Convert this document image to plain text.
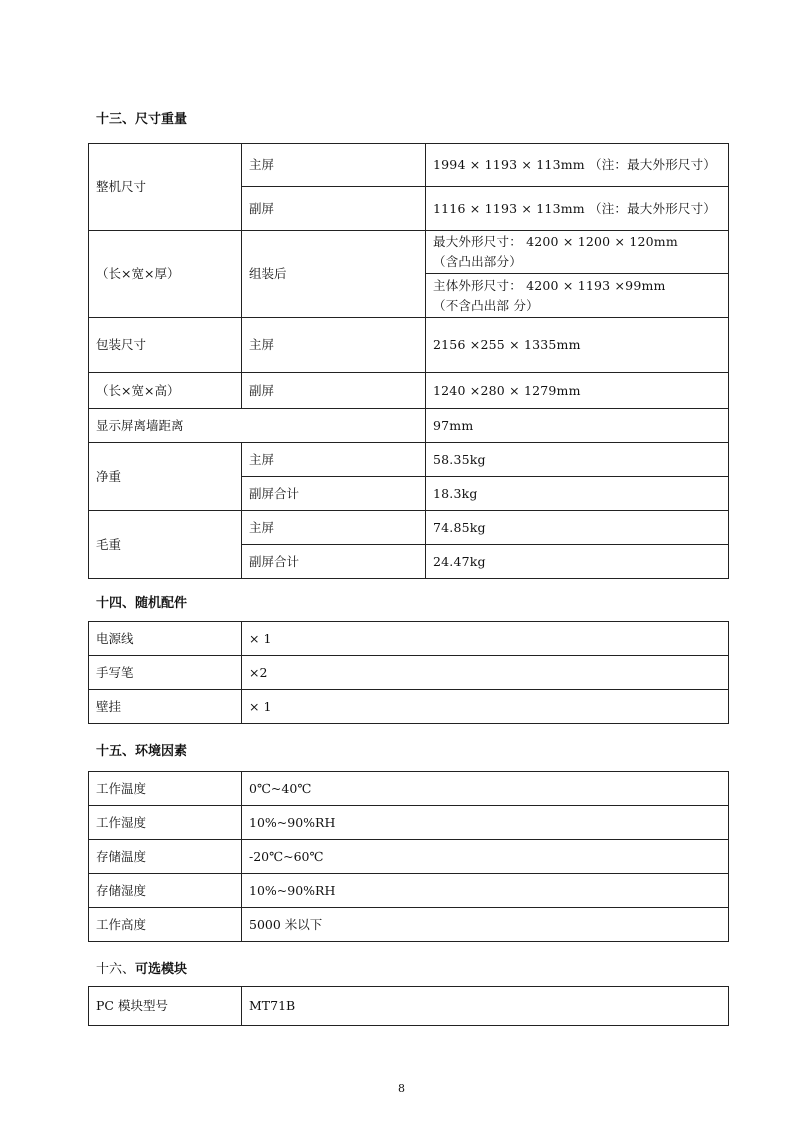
十三、尺寸重量
整机尺寸	主屏	1994 × 1193 × 113mm （注：最大外形尺寸）
	副屏	1116 × 1193 × 113mm （注：最大外形尺寸）
（长×宽×厚）	组装后	最大外形尺寸： 4200 × 1200 × 120mm
（含凸出部分）

		主体外形尺寸： 4200 × 1193 ×99mm
（不含凸出部 分）

包装尺寸	主屏	2156 ×255 × 1335mm
（长×宽×高）	副屏	1240 ×280 × 1279mm
显示屏离墙距离		97mm
净重	主屏	58.35kg
	副屏合计	18.3kg
毛重	主屏	74.85kg
	副屏合计	24.47kg
十四、随机配件
电源线	× 1
手写笔	×2
壁挂	× 1
十五、环境因素
工作温度	0℃~40℃
工作湿度	10%~90%RH
存储温度	-20℃~60℃
存储湿度	10%~90%RH
工作高度	5000 米以下
十六、可选模块
PC 模块型号	MT71B
8
